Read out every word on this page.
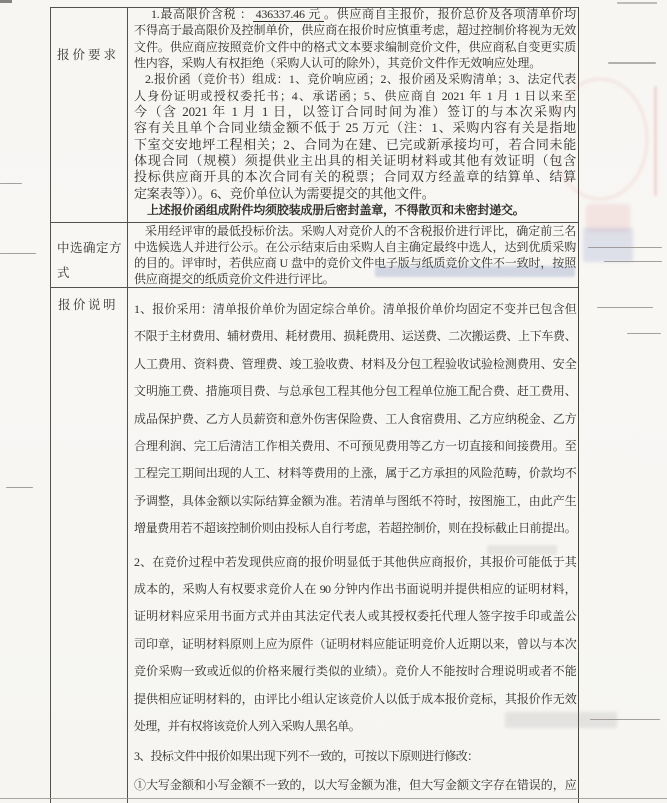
报价要求
中选确定方式
报价说明
1.最高限价含税 ： 436337.46 元 。供应商自主报价，报价总价及各项清单价均
不得高于最高限价及控制单价，供应商在报价时应慎重考虑，超过控制价将视为无效
文件。供应商应按照竞价文件中的格式文本要求编制竞价文件，供应商私自变更实质
性内容，采购人有权拒绝（采购人认可的除外），其竞价文件作无效响应处理。
2.报价函（竞价书）组成：1、竞价响应函；2、报价函及采购清单；3、法定代表
人身份证明或授权委托书；4、承诺函；5、供应商自 2021 年 1 月 1 日以来至
今（含 2021 年 1 月 1 日，以签订合同时间为准）签订的与本次采购内
容有关且单个合同业绩金额不低于 25 万元（注：1、采购内容有关是指地
下室交安地坪工程相关；2、合同为在建、已完或新承接均可，若合同未能
体现合同（规模）须提供业主出具的相关证明材料或其他有效证明（包含
投标供应商开具的本次合同有关的税票；合同双方经盖章的结算单、结算
定案表等））。6、竞价单位认为需要提交的其他文件。
上述报价函组成附件均须胶装成册后密封盖章，不得散页和未密封递交。
采用经评审的最低投标价法。采购人对竞价人的不含税报价进行评比，确定前三名
中选候选人并进行公示。在公示结束后由采购人自主确定最终中选人，达到优质采购
的目的。评审时，若供应商 U 盘中的竞价文件电子版与纸质竞价文件不一致时，按照
供应商提交的纸质竞价文件进行评比。
1、报价采用：清单报价单价为固定综合单价。清单报价单价均固定不变并已包含但
不限于主材费用、辅材费用、耗材费用、损耗费用、运送费、二次搬运费、上下车费、
人工费用、资料费、管理费、竣工验收费、材料及分包工程验收试验检测费用、安全
文明施工费、措施项目费、与总承包工程其他分包工程单位施工配合费、赶工费用、
成品保护费、乙方人员薪资和意外伤害保险费、工人食宿费用、乙方应纳税金、乙方
合理利润、完工后清洁工作相关费用、不可预见费用等乙方一切直接和间接费用。至
工程完工期间出现的人工、材料等费用的上涨，属于乙方承担的风险范畴，价款均不
予调整，具体金额以实际结算金额为准。若清单与图纸不符时，按图施工，由此产生
增量费用若不超该控制价则由投标人自行考虑，若超控制价，则在投标截止日前提出。
2、在竞价过程中若发现供应商的报价明显低于其他供应商报价，其报价可能低于其
成本的，采购人有权要求竞价人在 90 分钟内作出书面说明并提供相应的证明材料，
证明材料应采用书面方式并由其法定代表人或其授权委托代理人签字按手印或盖公
司印章，证明材料原则上应为原件（证明材料应能证明竞价人近期以来，曾以与本次
竞价采购一致或近似的价格来履行类似的业绩）。竞价人不能按时合理说明或者不能
提供相应证明材料的，由评比小组认定该竞价人以低于成本报价竞标，其报价作无效
处理，并有权将该竞价人列入采购人黑名单。
3、投标文件中报价如果出现下列不一致的，可按以下原则进行修改：
①大写金额和小写金额不一致的，以大写金额为准，但大写金额文字存在错误的，应
